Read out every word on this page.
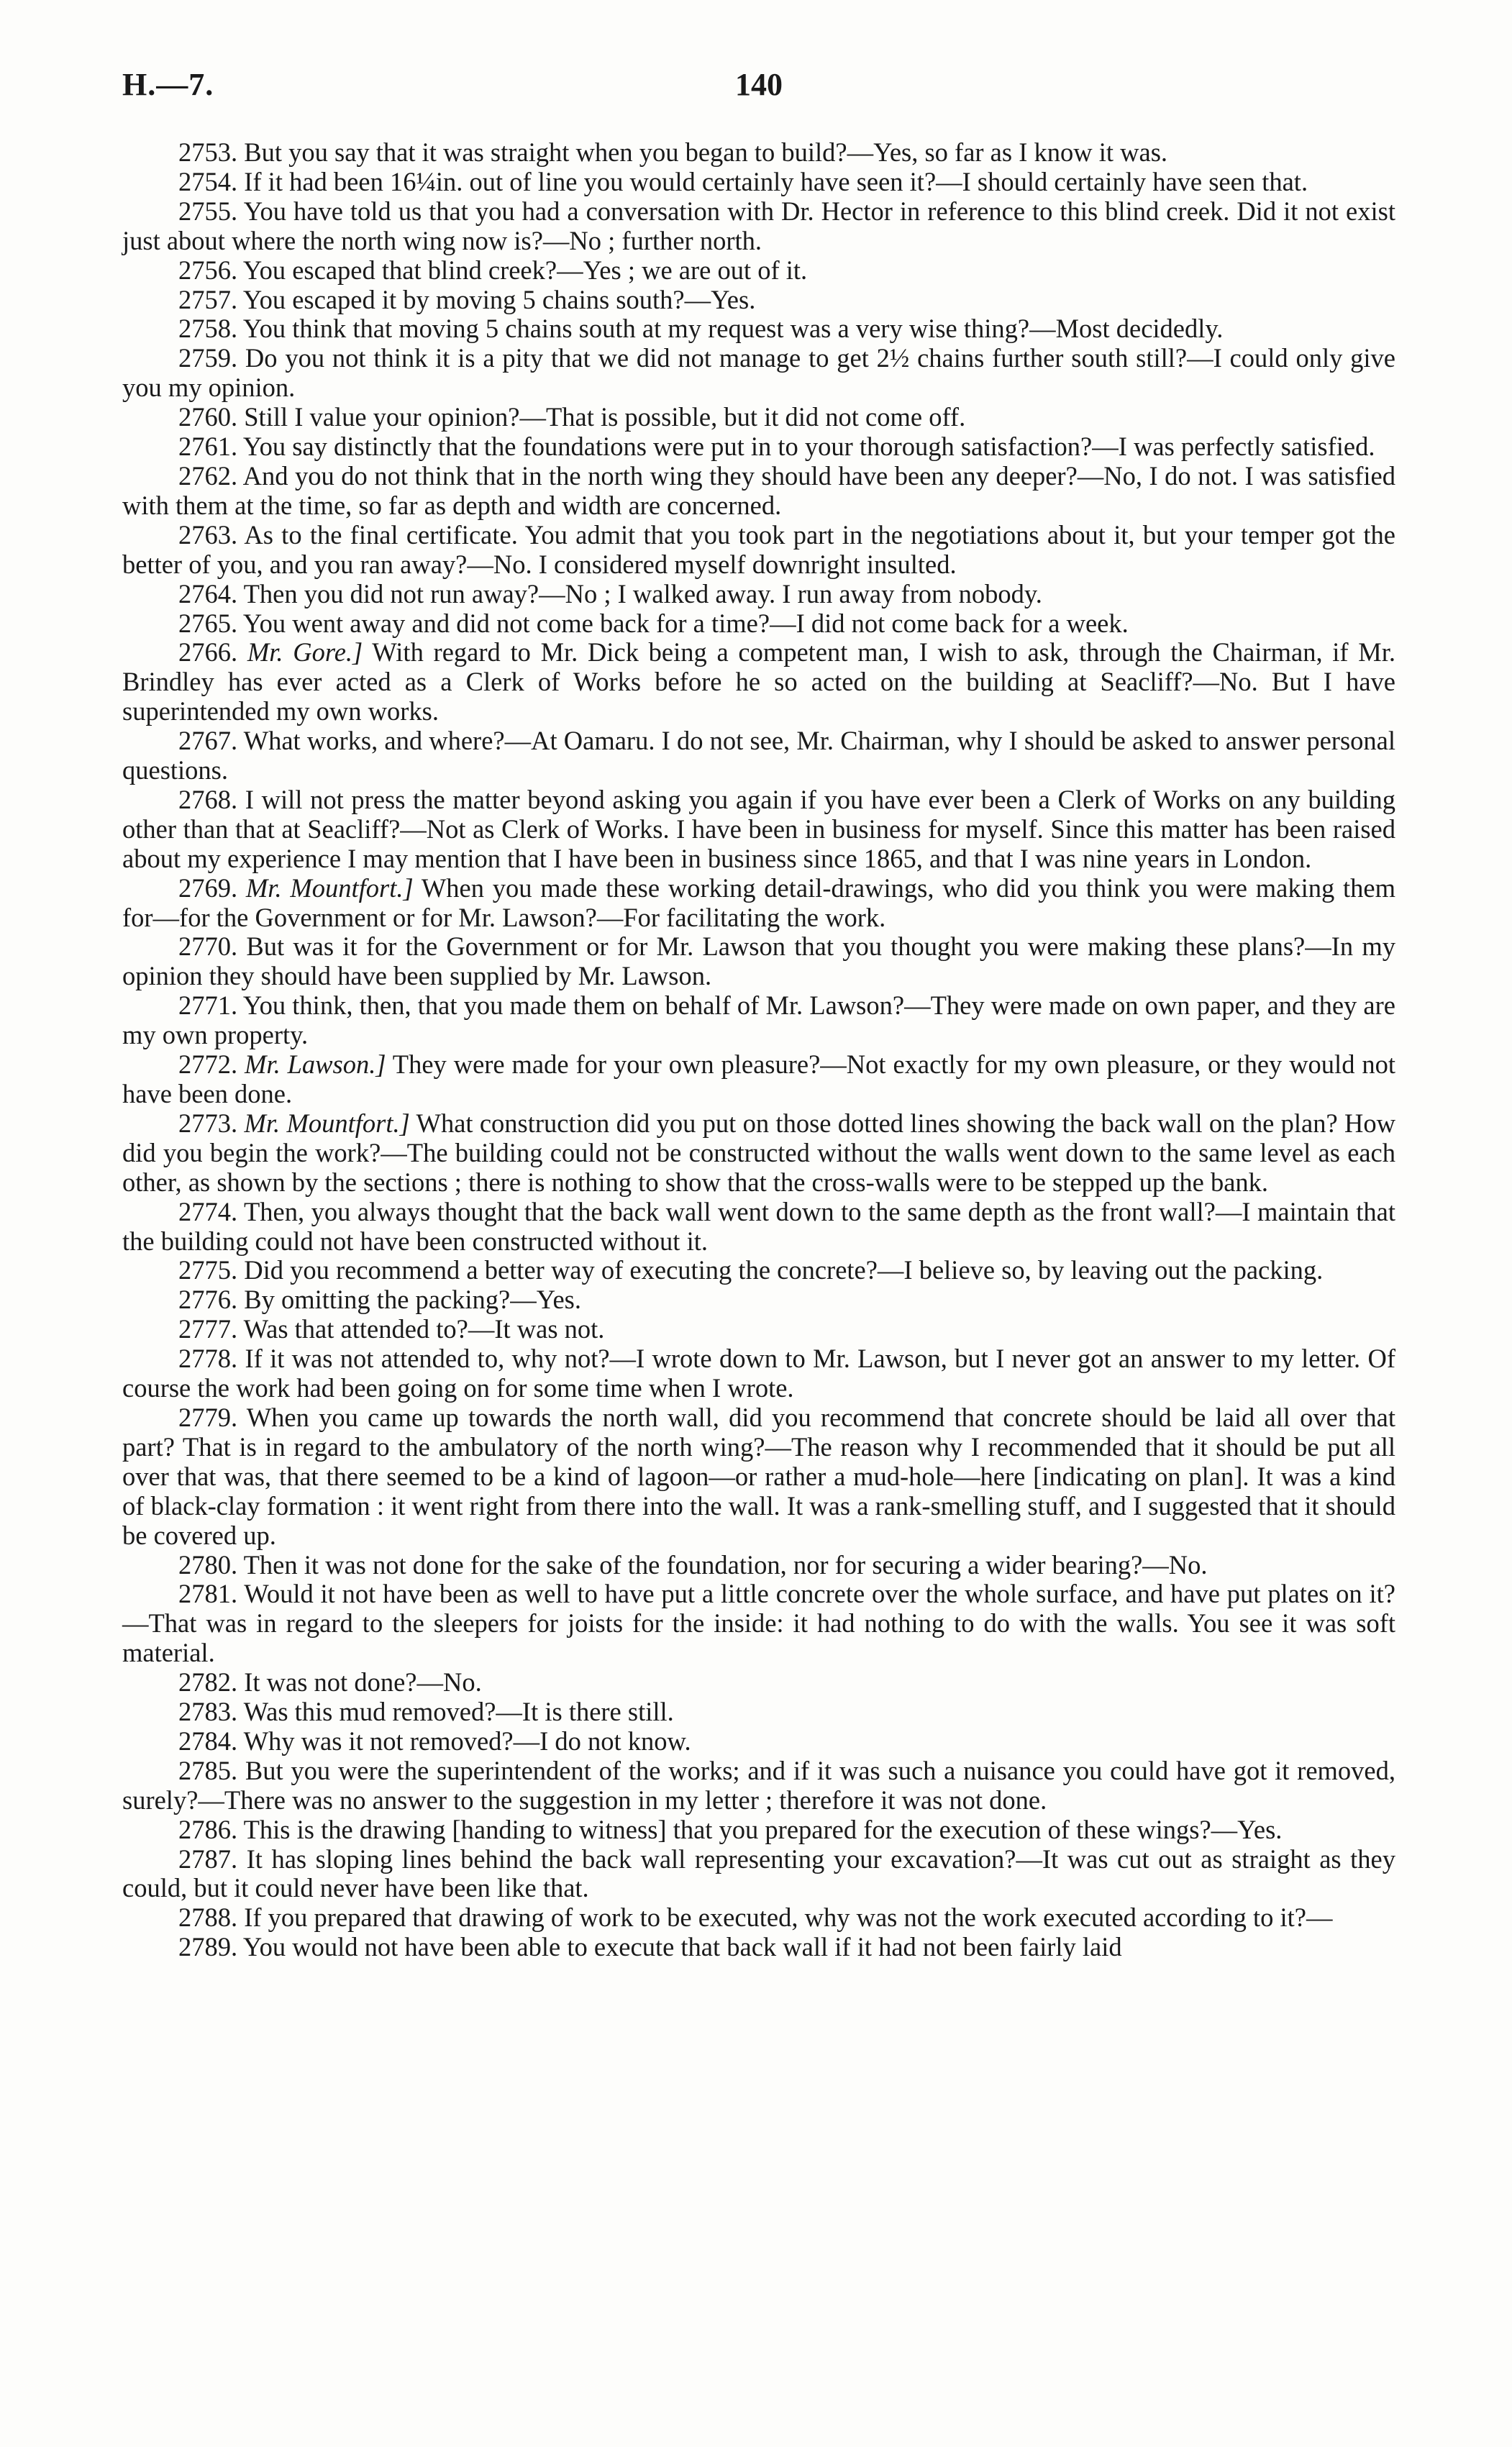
H.—7.	140

2753. But you say that it was straight when you began to build?—Yes, so far as I know it was.

2754. If it had been 16¼in. out of line you would certainly have seen it?—I should certainly have seen that.

2755. You have told us that you had a conversation with Dr. Hector in reference to this blind creek. Did it not exist just about where the north wing now is?—No ; further north.

2756. You escaped that blind creek?—Yes ; we are out of it.

2757. You escaped it by moving 5 chains south?—Yes.

2758. You think that moving 5 chains south at my request was a very wise thing?—Most decidedly.

2759. Do you not think it is a pity that we did not manage to get 2½ chains further south still?—I could only give you my opinion.

2760. Still I value your opinion?—That is possible, but it did not come off.

2761. You say distinctly that the foundations were put in to your thorough satisfaction?—I was perfectly satisfied.

2762. And you do not think that in the north wing they should have been any deeper?—No, I do not. I was satisfied with them at the time, so far as depth and width are concerned.

2763. As to the final certificate. You admit that you took part in the negotiations about it, but your temper got the better of you, and you ran away?—No. I considered myself downright insulted.

2764. Then you did not run away?—No ; I walked away. I run away from nobody.

2765. You went away and did not come back for a time?—I did not come back for a week.

2766. Mr. Gore.] With regard to Mr. Dick being a competent man, I wish to ask, through the Chairman, if Mr. Brindley has ever acted as a Clerk of Works before he so acted on the building at Seacliff?—No. But I have superintended my own works.

2767. What works, and where?—At Oamaru. I do not see, Mr. Chairman, why I should be asked to answer personal questions.

2768. I will not press the matter beyond asking you again if you have ever been a Clerk of Works on any building other than that at Seacliff?—Not as Clerk of Works. I have been in business for myself. Since this matter has been raised about my experience I may mention that I have been in business since 1865, and that I was nine years in London.

2769. Mr. Mountfort.] When you made these working detail-drawings, who did you think you were making them for—for the Government or for Mr. Lawson?—For facilitating the work.

2770. But was it for the Government or for Mr. Lawson that you thought you were making these plans?—In my opinion they should have been supplied by Mr. Lawson.

2771. You think, then, that you made them on behalf of Mr. Lawson?—They were made on own paper, and they are my own property.

2772. Mr. Lawson.] They were made for your own pleasure?—Not exactly for my own pleasure, or they would not have been done.

2773. Mr. Mountfort.] What construction did you put on those dotted lines showing the back wall on the plan? How did you begin the work?—The building could not be constructed without the walls went down to the same level as each other, as shown by the sections ; there is nothing to show that the cross-walls were to be stepped up the bank.

2774. Then, you always thought that the back wall went down to the same depth as the front wall?—I maintain that the building could not have been constructed without it.

2775. Did you recommend a better way of executing the concrete?—I believe so, by leaving out the packing.

2776. By omitting the packing?—Yes.

2777. Was that attended to?—It was not.

2778. If it was not attended to, why not?—I wrote down to Mr. Lawson, but I never got an answer to my letter. Of course the work had been going on for some time when I wrote.

2779. When you came up towards the north wall, did you recommend that concrete should be laid all over that part? That is in regard to the ambulatory of the north wing?—The reason why I recommended that it should be put all over that was, that there seemed to be a kind of lagoon—or rather a mud-hole—here [indicating on plan]. It was a kind of black-clay formation : it went right from there into the wall. It was a rank-smelling stuff, and I suggested that it should be covered up.

2780. Then it was not done for the sake of the foundation, nor for securing a wider bearing?—No.

2781. Would it not have been as well to have put a little concrete over the whole surface, and have put plates on it?—That was in regard to the sleepers for joists for the inside: it had nothing to do with the walls. You see it was soft material.

2782. It was not done?—No.

2783. Was this mud removed?—It is there still.

2784. Why was it not removed?—I do not know.

2785. But you were the superintendent of the works; and if it was such a nuisance you could have got it removed, surely?—There was no answer to the suggestion in my letter ; therefore it was not done.

2786. This is the drawing [handing to witness] that you prepared for the execution of these wings?—Yes.

2787. It has sloping lines behind the back wall representing your excavation?—It was cut out as straight as they could, but it could never have been like that.

2788. If you prepared that drawing of work to be executed, why was not the work executed according to it?—

2789. You would not have been able to execute that back wall if it had not been fairly laid
